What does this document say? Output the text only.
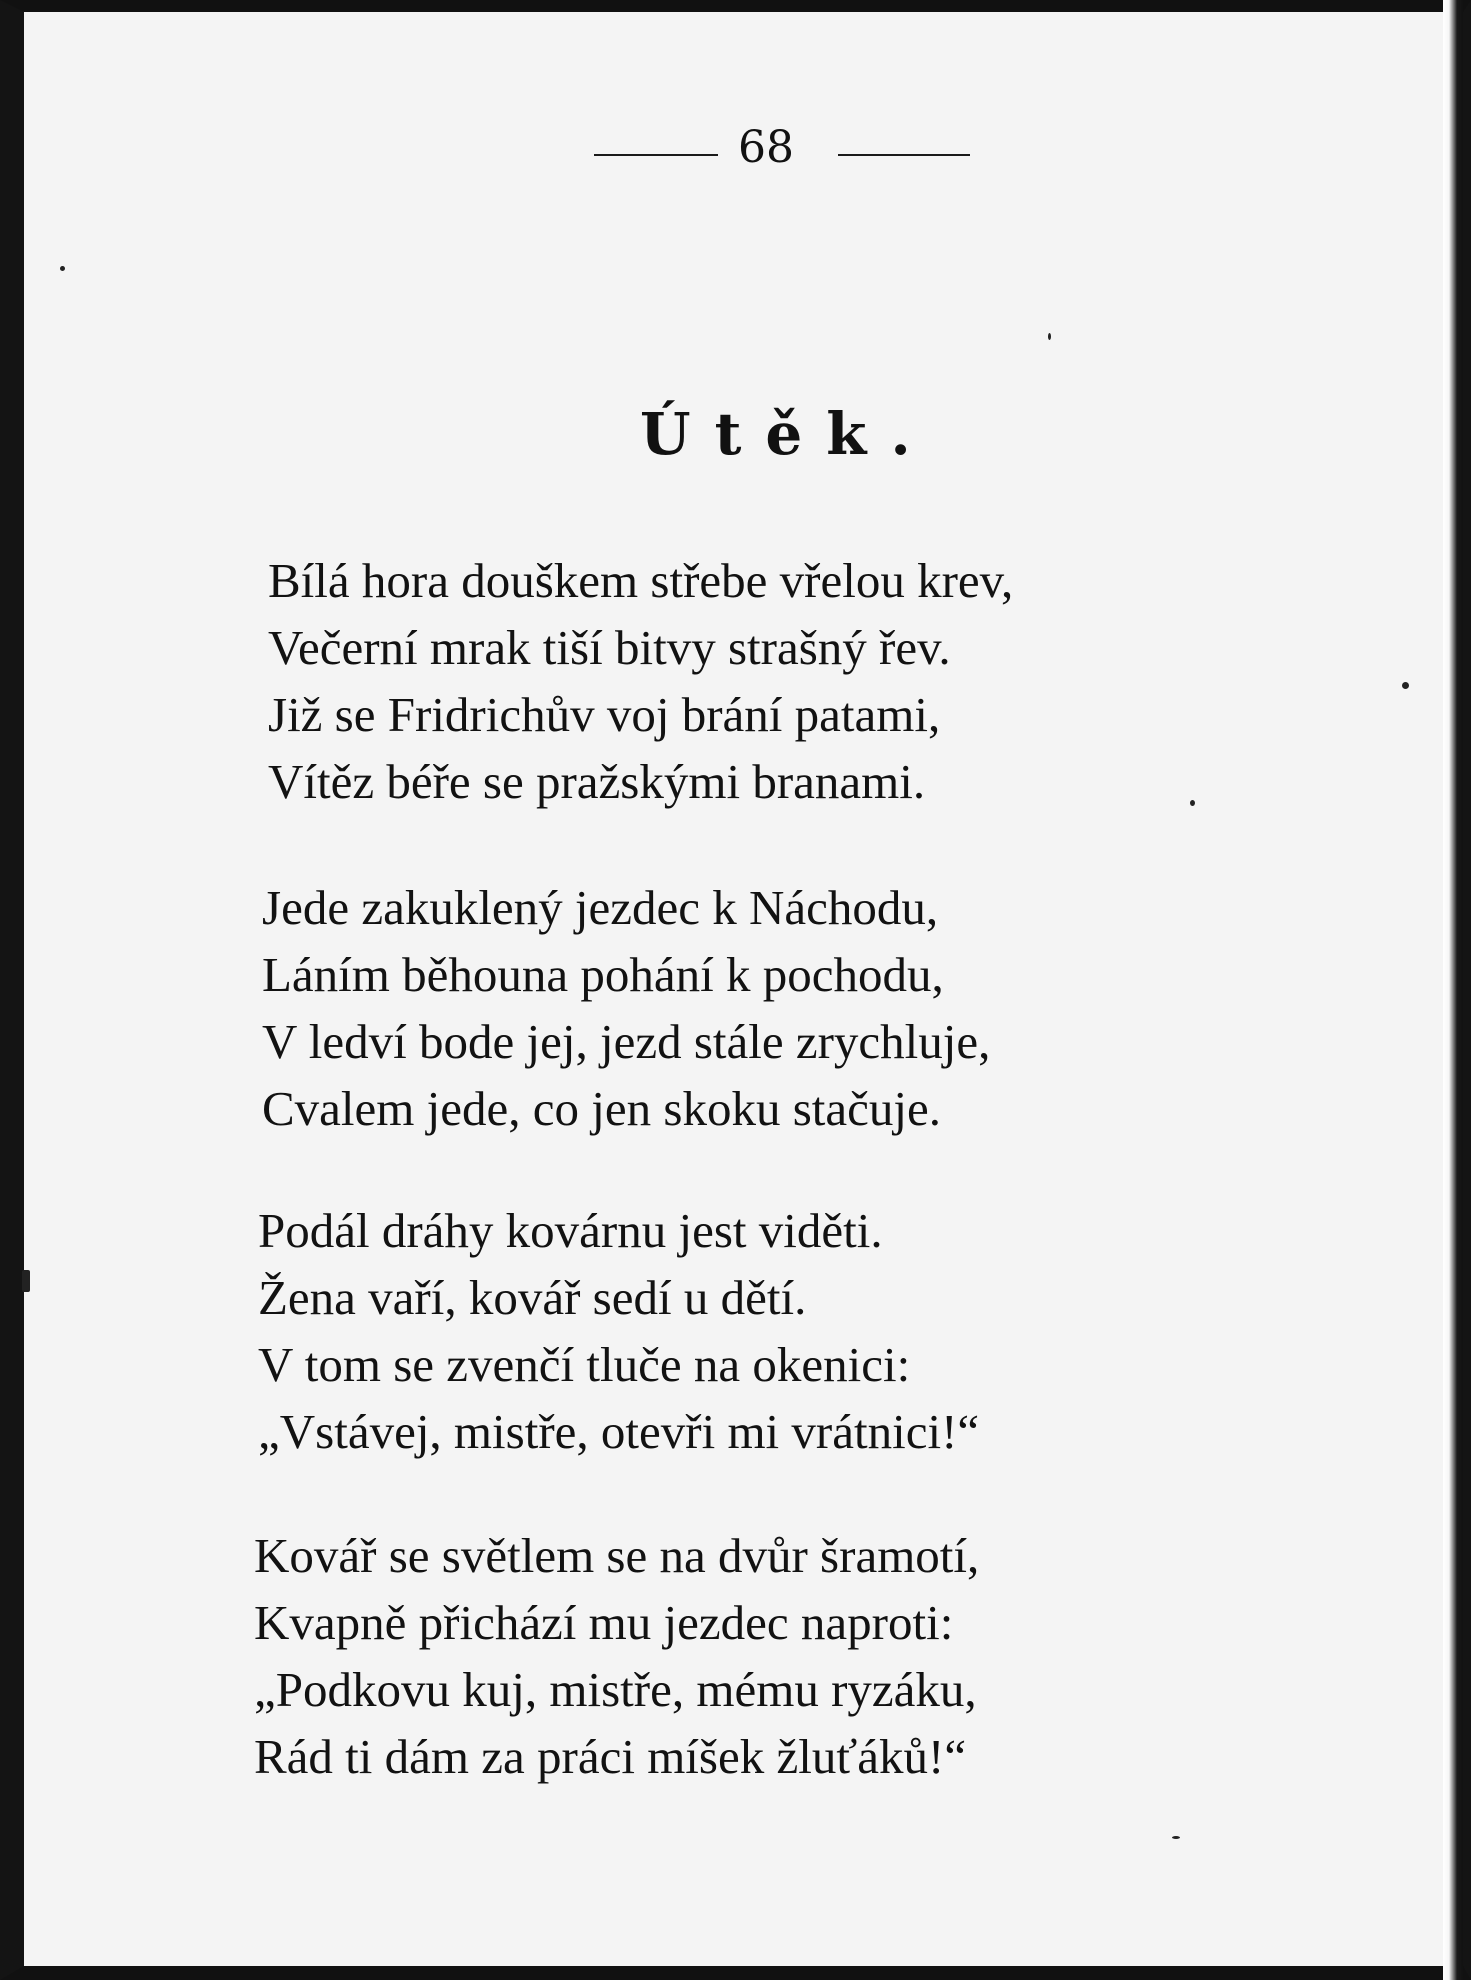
68
Útěk.
Bílá hora douškem střebe vřelou krev,
Večerní mrak tiší bitvy strašný řev.
Již se Fridrichův voj brání patami,
Vítěz béře se pražskými branami.
Jede zakuklený jezdec k Náchodu,
Láním běhouna pohání k pochodu,
V ledví bode jej, jezd stále zrychluje,
Cvalem jede, co jen skoku stačuje.
Podál dráhy kovárnu jest viděti.
Žena vaří, kovář sedí u dětí.
V tom se zvenčí tluče na okenici:
„Vstávej, mistře, otevři mi vrátnici!“
Kovář se světlem se na dvůr šramotí,
Kvapně přichází mu jezdec naproti:
„Podkovu kuj, mistře, mému ryzáku,
Rád ti dám za práci míšek žluťáků!“
